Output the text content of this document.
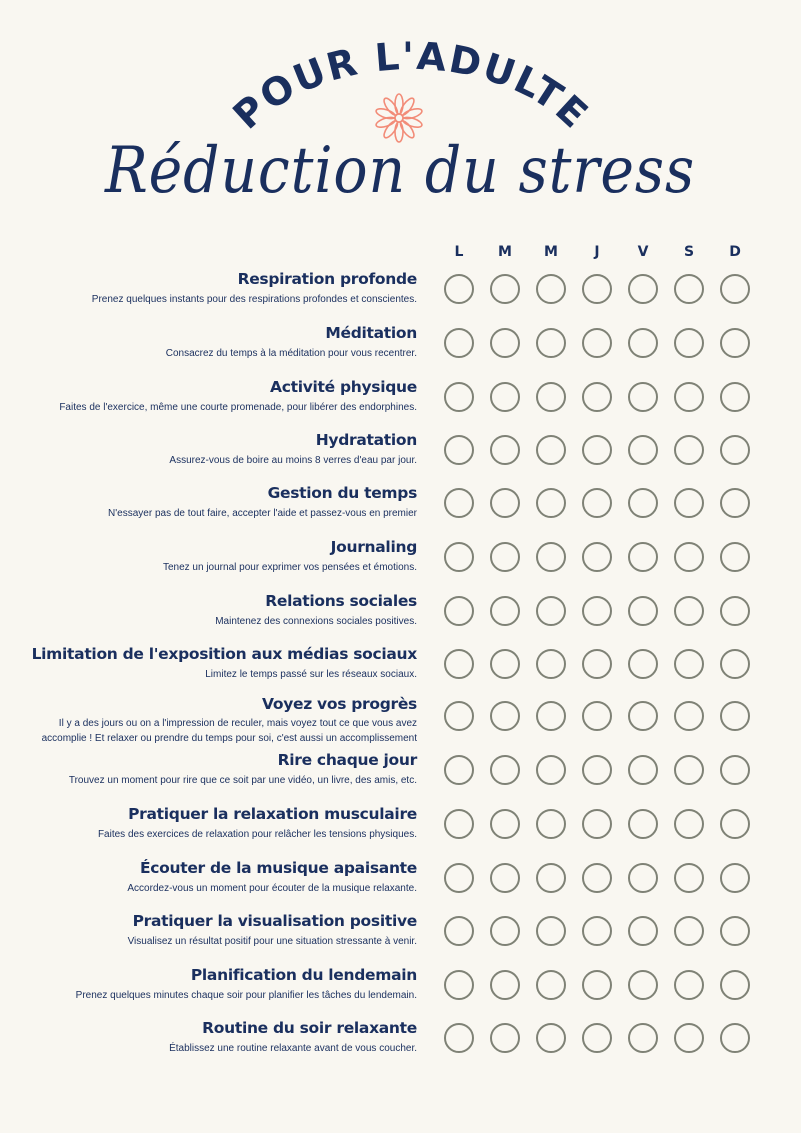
POUR L'ADULTE
Réduction du stress
L	M	M	J	V	S	D
Respiration profonde
Prenez quelques instants pour des respirations profondes et conscientes.
Méditation
Consacrez du temps à la méditation pour vous recentrer.
Activité physique
Faites de l'exercice, même une courte promenade, pour libérer des endorphines.
Hydratation
Assurez-vous de boire au moins 8 verres d'eau par jour.
Gestion du temps
N'essayer pas de tout faire, accepter l'aide et passez-vous en premier
Journaling
Tenez un journal pour exprimer vos pensées et émotions.
Relations sociales
Maintenez des connexions sociales positives.
Limitation de l'exposition aux médias sociaux
Limitez le temps passé sur les réseaux sociaux.
Voyez vos progrès
Il y a des jours ou on a l'impression de reculer, mais voyez tout ce que vous avez accomplie ! Et relaxer ou prendre du temps pour soi, c'est aussi un accomplissement
Rire chaque jour
Trouvez un moment pour rire que ce soit par une vidéo, un livre, des amis, etc.
Pratiquer la relaxation musculaire
Faites des exercices de relaxation pour relâcher les tensions physiques.
Écouter de la musique apaisante
Accordez-vous un moment pour écouter de la musique relaxante.
Pratiquer la visualisation positive
Visualisez un résultat positif pour une situation stressante à venir.
Planification du lendemain
Prenez quelques minutes chaque soir pour planifier les tâches du lendemain.
Routine du soir relaxante
Établissez une routine relaxante avant de vous coucher.
